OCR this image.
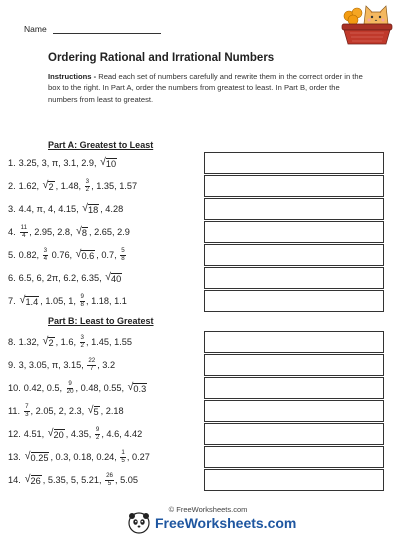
Name
Ordering Rational and Irrational Numbers
Instructions - Read each set of numbers carefully and rewrite them in the correct order in the box to the right. In Part A, order the numbers from greatest to least. In Part B, order the numbers from least to greatest.
Part A: Greatest to Least
1. 3.25, 3, π, 3.1, 2.9, √ 10
2. 1.62, √ 2 , 1.48, $\frac{3}{2}$ , 1.35, 1.57
3. 4.4, π, 4, 4.15, √ 18 , 4.28
4. $\frac{11}{4}$ , 2.95, 2.8, √ 8 , 2.65, 2.9
5. 0.82, $\frac{3}{4} 0.76$, √ 0.6 , 0.7, $\frac{5}{8}$
6. 6.5, 6, 2π, 6.2, 6.35, √ 40
7. √ 1.4 , 1.05, 1, $\frac{9}{8}$ , 1.18, 1.1
Part B: Least to Greatest
8. 1.32, √ 2 , 1.6, $\frac{3}{2}$ , 1.45, 1.55
9. 3, 3.05, π, 3.15, $\frac{22}{7}$ , 3.2
10. 0.42, 0.5, $\frac{9}{20}$ , 0.48, 0.55, √ 0.3
11. $\frac{7}{3}$ , 2.05, 2, 2.3, √ 5 , 2.18
12. 4.51, √ 20 , 4.35, $\frac{9}{2}$ , 4.6, 4.42
13. √ 0.25 , 0.3, 0.18, 0.24, $\frac{1}{5}$ , 0.27
14. √ 26 , 5.35, 5, 5.21, $\frac{26}{5}$ , 5.05
© FreeWorksheets.com
FreeWorksheets.com
